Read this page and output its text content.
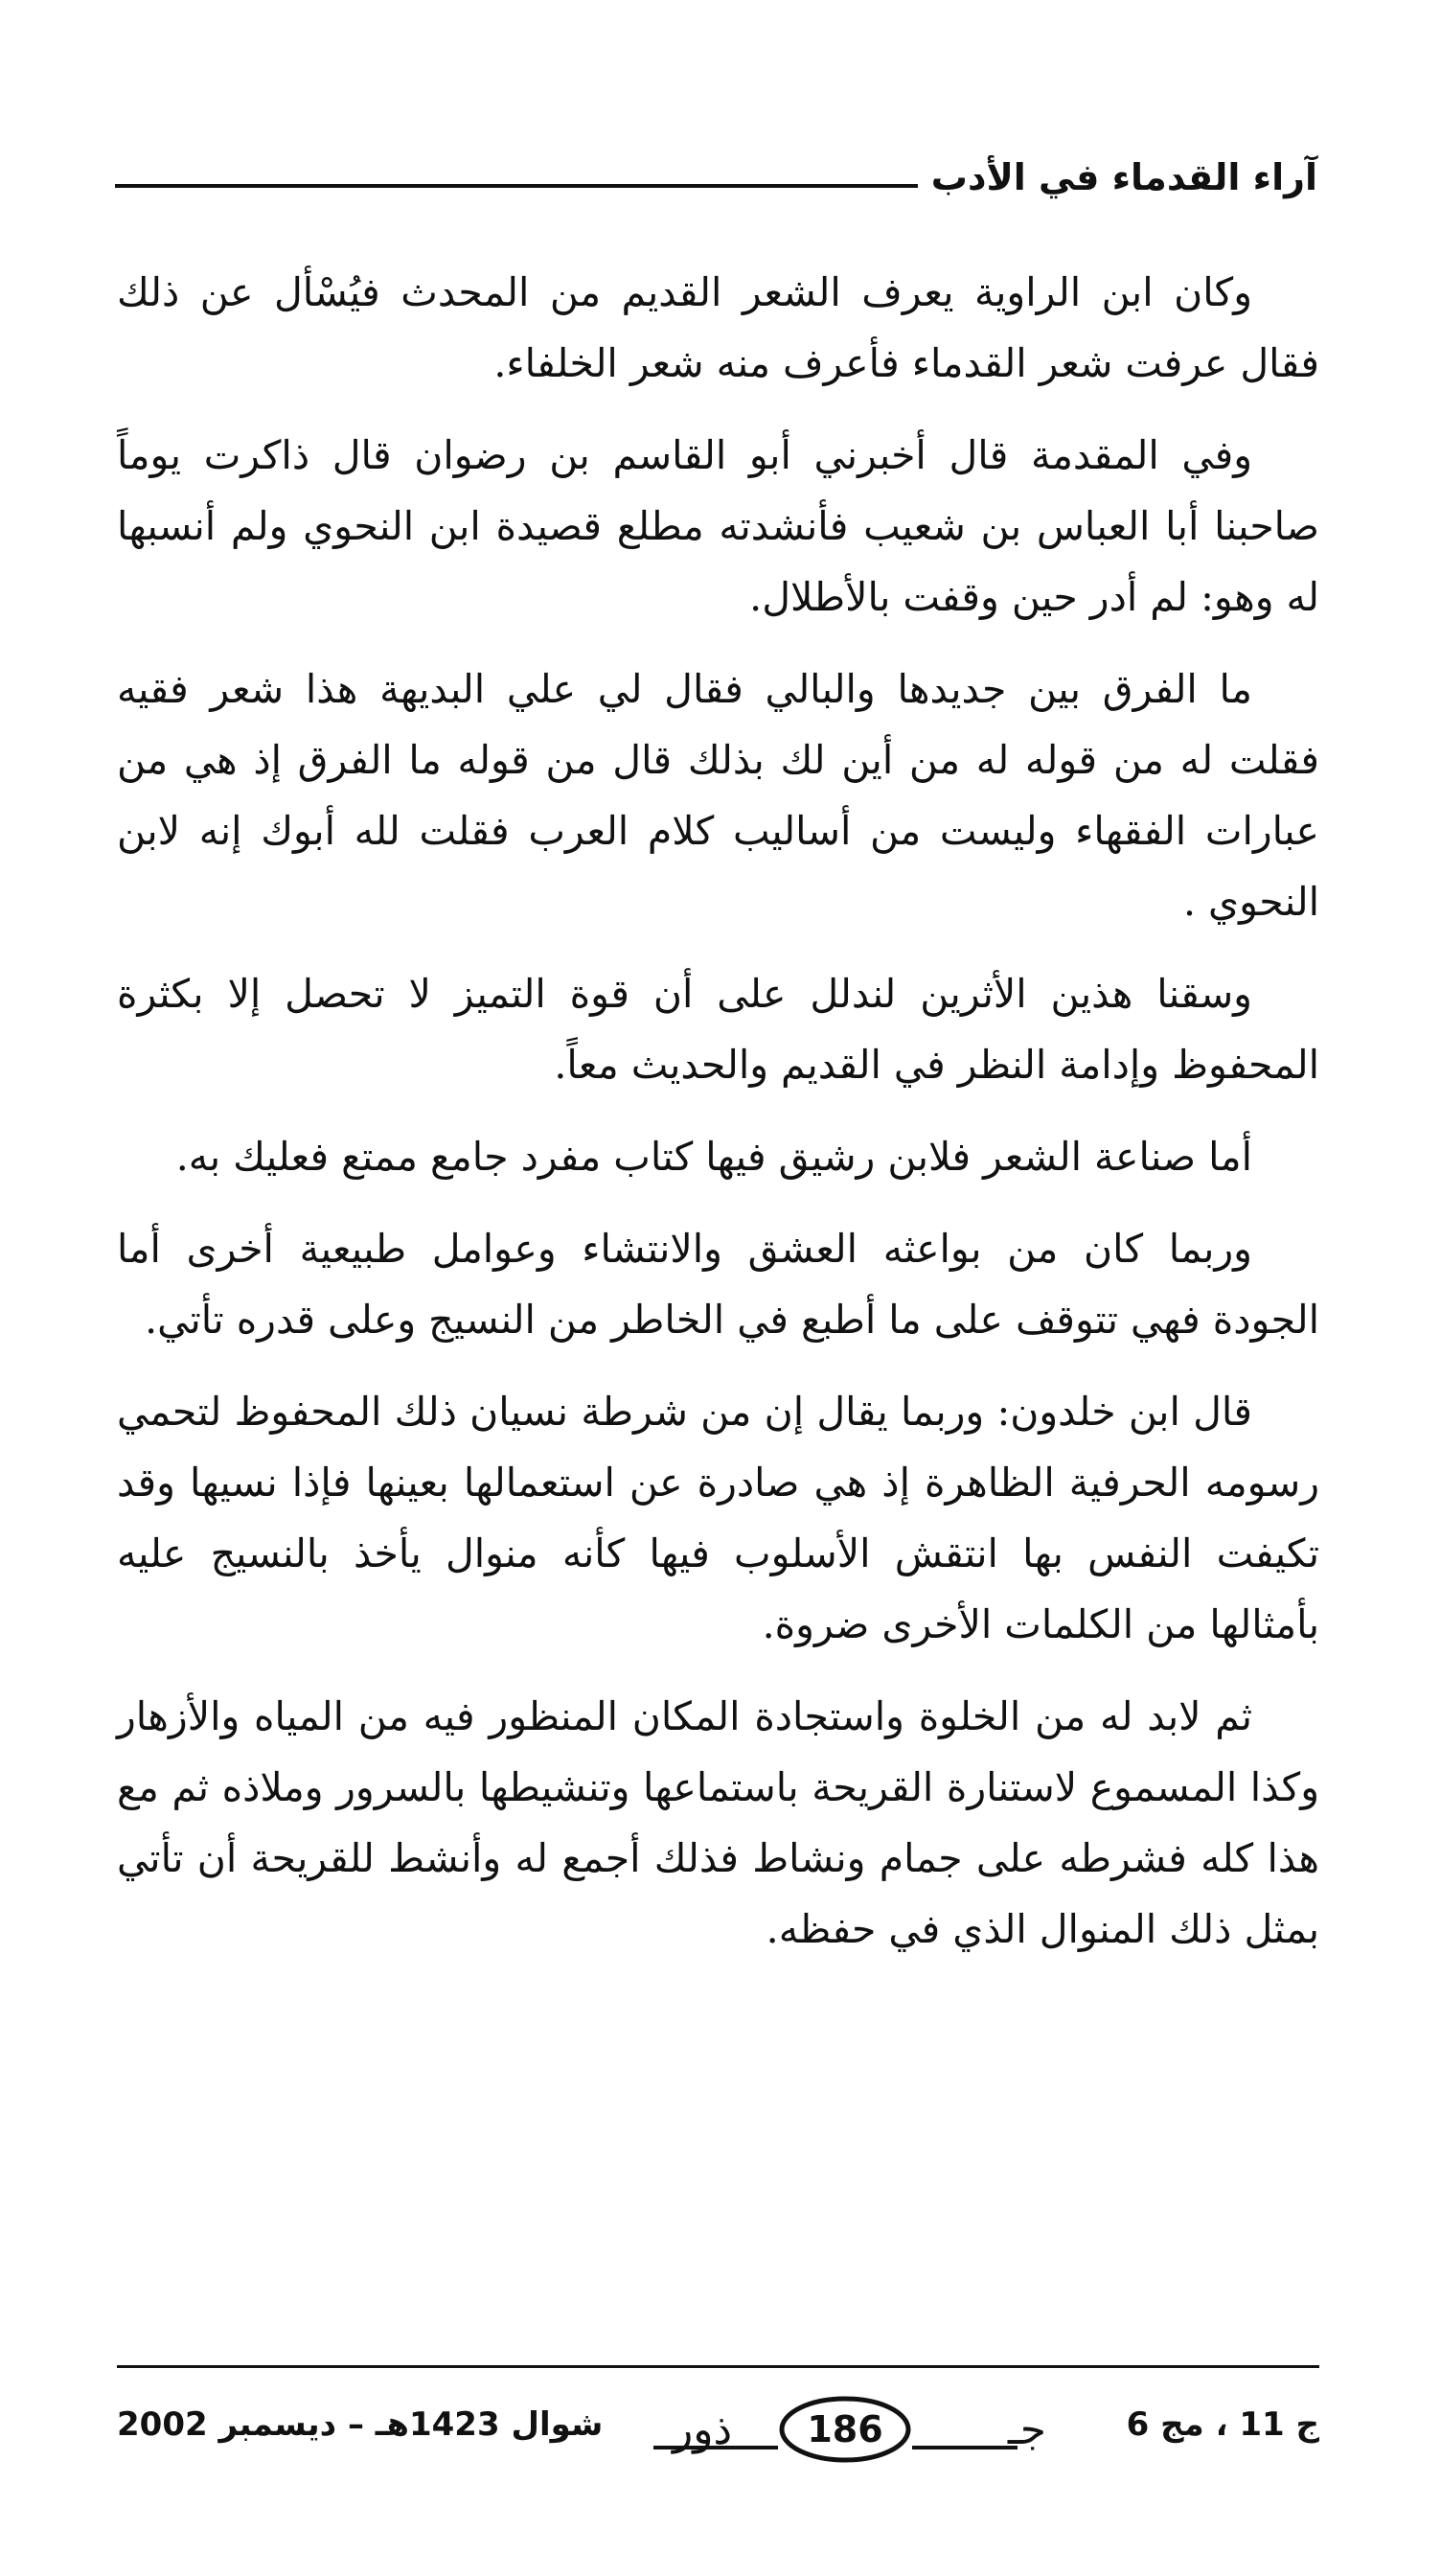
آراء القدماء في الأدب

وكان ابن الراوية يعرف الشعر القديم من المحدث فيُسْأل عن ذلك فقال عرفت شعر القدماء فأعرف منه شعر الخلفاء.

وفي المقدمة قال أخبرني أبو القاسم بن رضوان قال ذاكرت يوماً صاحبنا أبا العباس بن شعيب فأنشدته مطلع قصيدة ابن النحوي ولم أنسبها له وهو: لم أدر حين وقفت بالأطلال.

ما الفرق بين جديدها والبالي فقال لي علي البديهة هذا شعر فقيه فقلت له من قوله له من أين لك بذلك قال من قوله ما الفرق إذ هي من عبارات الفقهاء وليست من أساليب كلام العرب فقلت لله أبوك إنه لابن النحوي .

وسقنا هذين الأثرين لندلل على أن قوة التميز لا تحصل إلا بكثرة المحفوظ وإدامة النظر في القديم والحديث معاً.

أما صناعة الشعر فلابن رشيق فيها كتاب مفرد جامع ممتع فعليك به.

وربما كان من بواعثه العشق والانتشاء وعوامل طبيعية أخرى أما الجودة فهي تتوقف على ما أطبع في الخاطر من النسيج وعلى قدره تأتي.

قال ابن خلدون: وربما يقال إن من شرطة نسيان ذلك المحفوظ لتحمي رسومه الحرفية الظاهرة إذ هي صادرة عن استعمالها بعينها فإذا نسيها وقد تكيفت النفس بها انتقش الأسلوب فيها كأنه منوال يأخذ بالنسيج عليه بأمثالها من الكلمات الأخرى ضروة.

ثم لابد له من الخلوة واستجادة المكان المنظور فيه من المياه والأزهار وكذا المسموع لاستنارة القريحة باستماعها وتنشيطها بالسرور وملاذه ثم مع هذا كله فشرطه على جمام ونشاط فذلك أجمع له وأنشط للقريحة أن تأتي بمثل ذلك المنوال الذي في حفظه.

ج 11 ، مج 6
جـ
ذور	186
شوال 1423هـ – ديسمبر 2002
